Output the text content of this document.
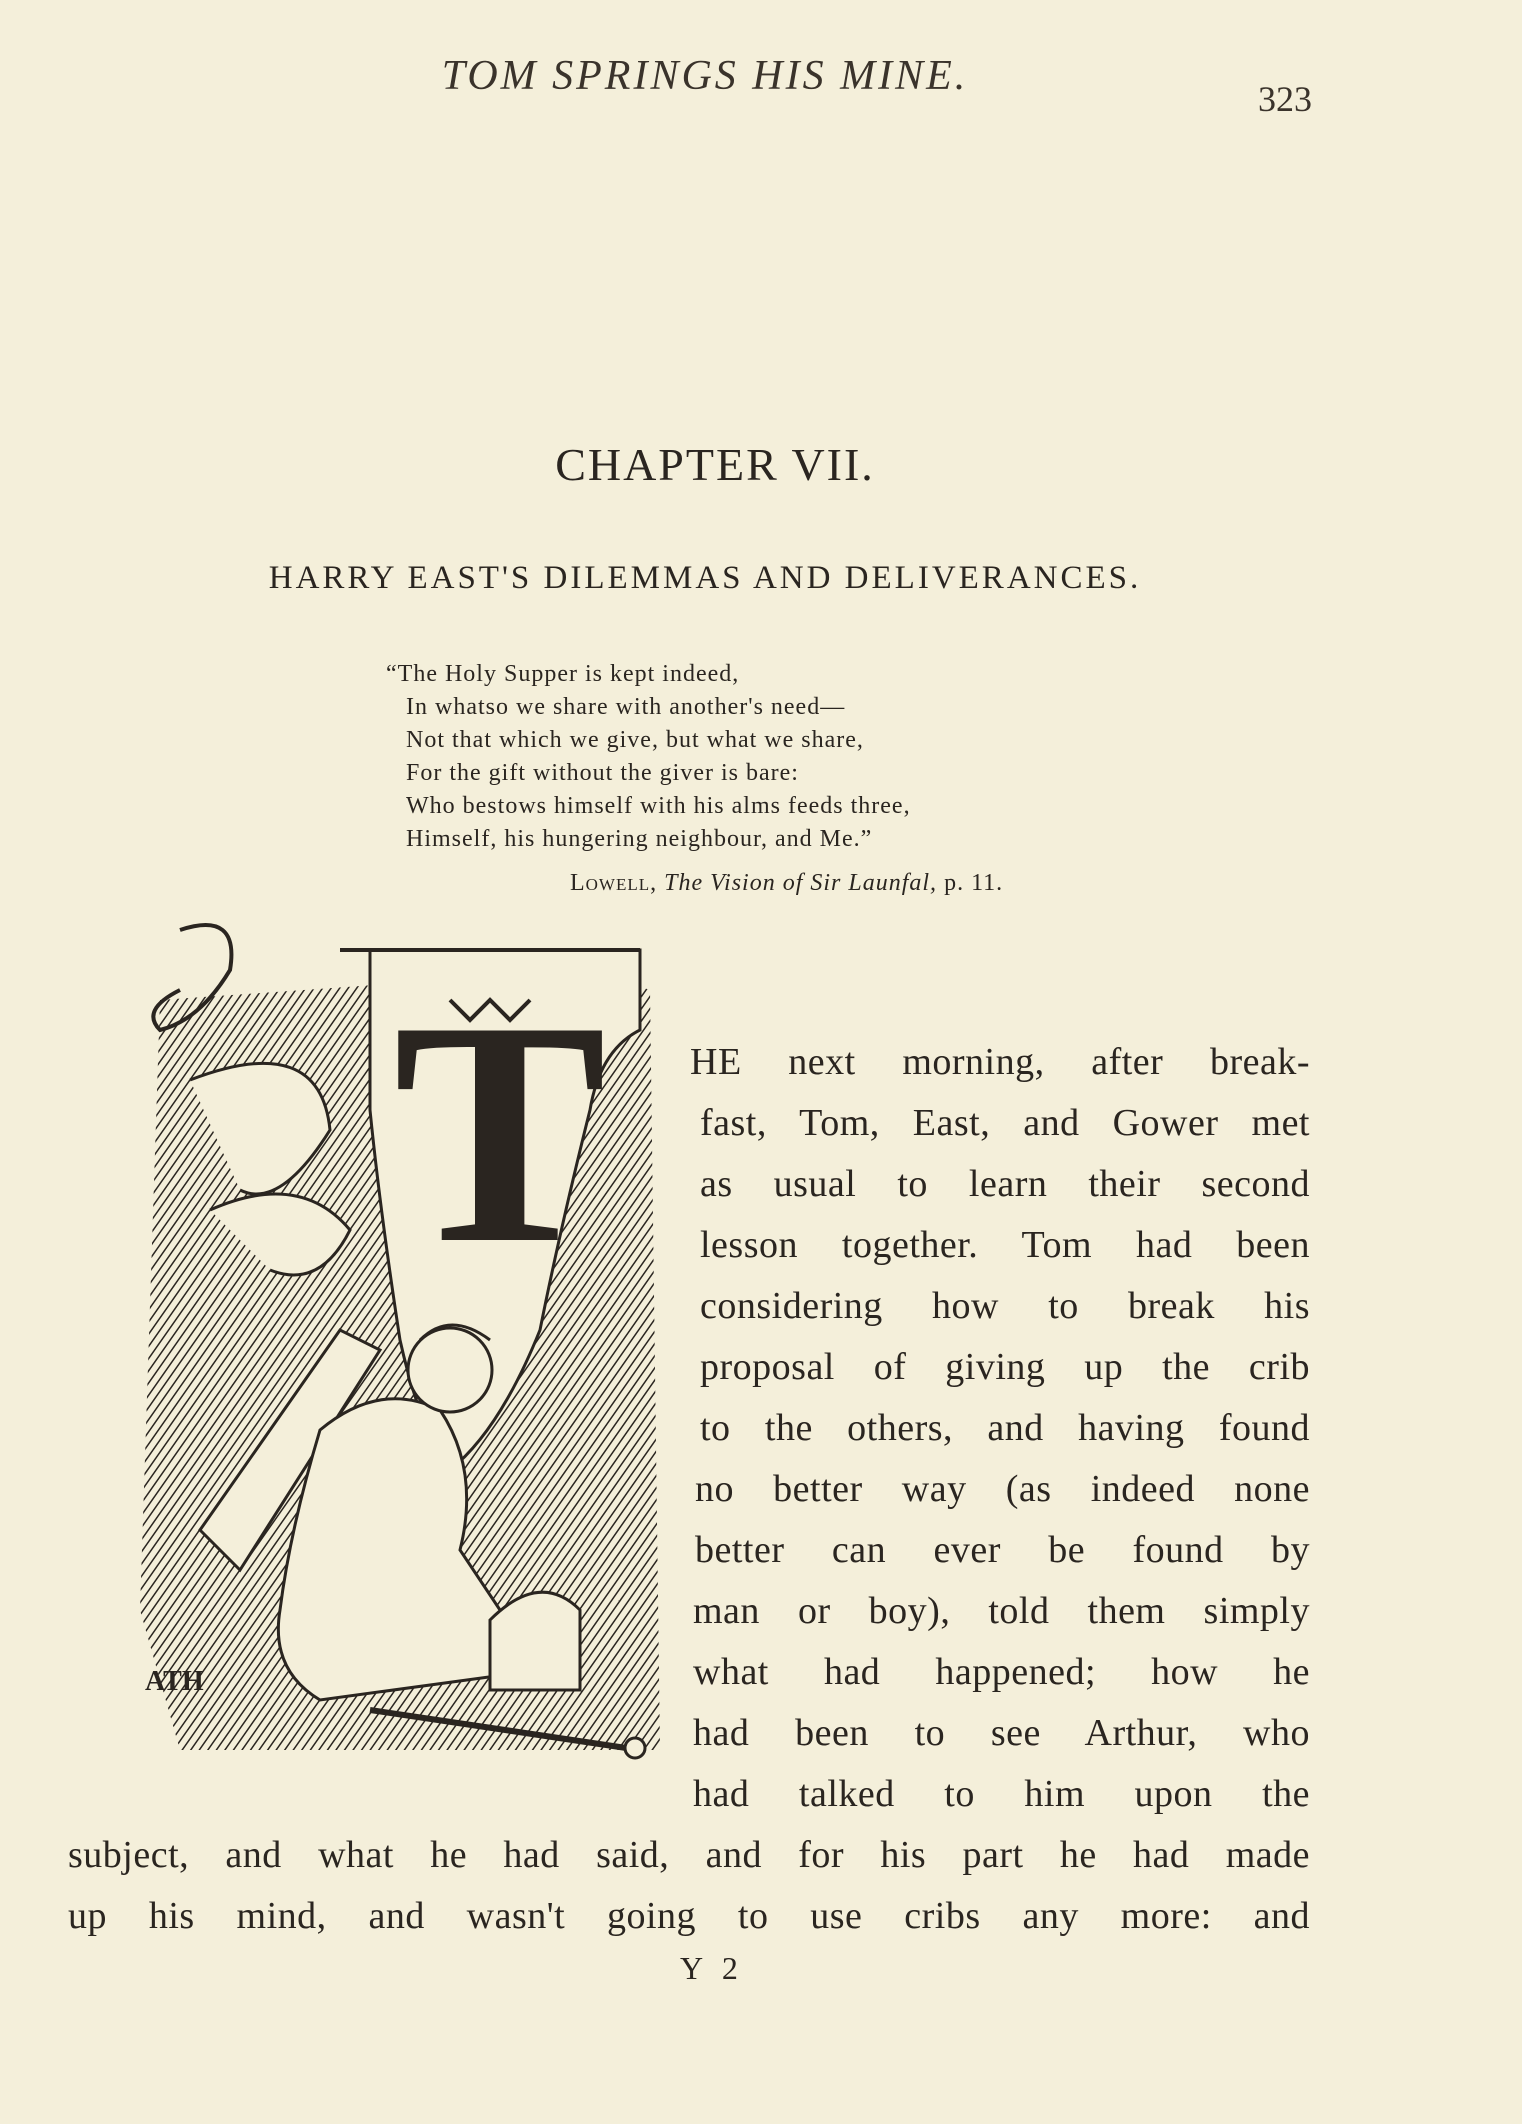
TOM SPRINGS HIS MINE.	323
CHAPTER VII.
HARRY EAST'S DILEMMAS AND DELIVERANCES.
“The Holy Supper is kept indeed,
In whatso we share with another's need—
Not that which we give, but what we share,
For the gift without the giver is bare:
Who bestows himself with his alms feeds three,
Himself, his hungering neighbour, and Me.”
Lowell, The Vision of Sir Launfal, p. 11.
T
ATH
HE next morning, after break-
fast, Tom, East, and Gower met
as usual to learn their second
lesson together. Tom had been
considering how to break his
proposal of giving up the crib
to the others, and having found
no better way (as indeed none
better can ever be found by
man or boy), told them simply
what had happened; how he
had been to see Arthur, who
had talked to him upon the
subject, and what he had said, and for his part he had made
up his mind, and wasn't going to use cribs any more: and
Y 2
